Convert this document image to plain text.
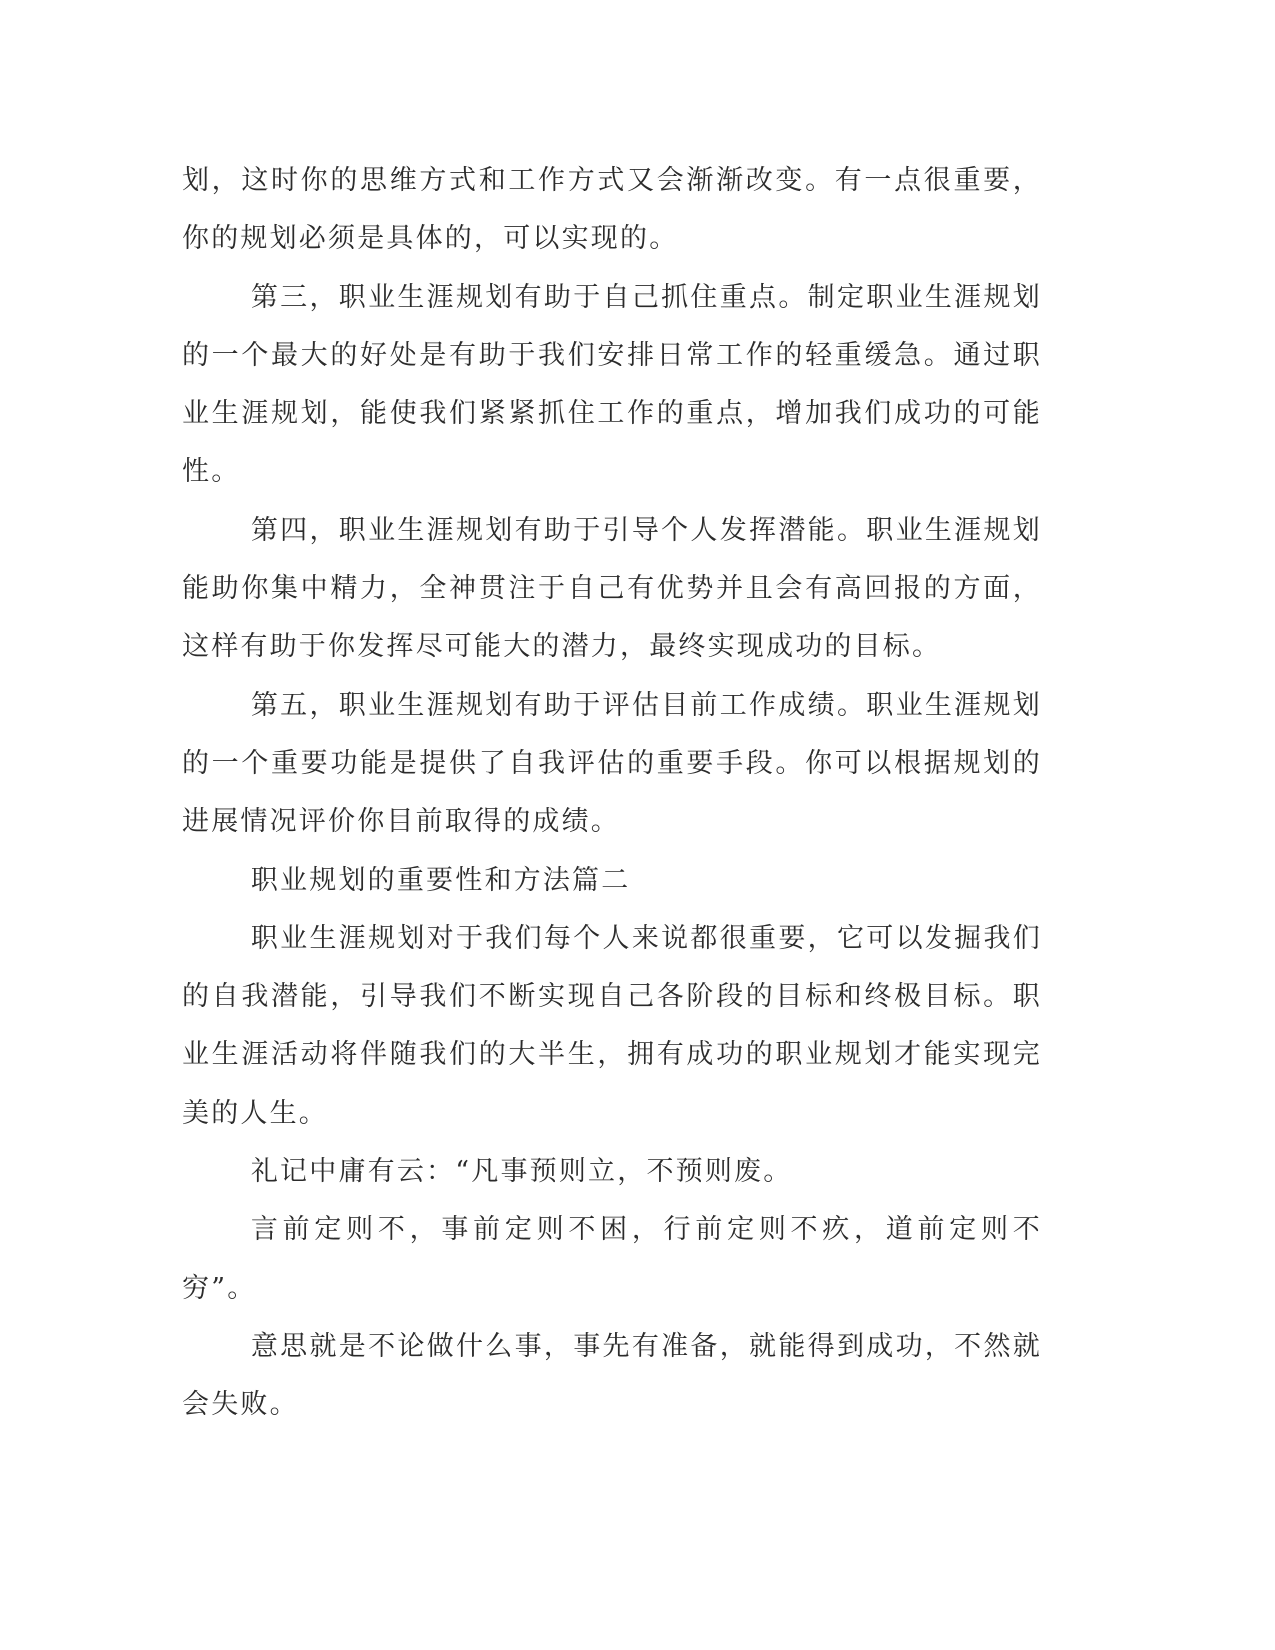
划，这时你的思维方式和工作方式又会渐渐改变。有一点很重要，你的规划必须是具体的，可以实现的。

第三，职业生涯规划有助于自己抓住重点。制定职业生涯规划的一个最大的好处是有助于我们安排日常工作的轻重缓急。通过职业生涯规划，能使我们紧紧抓住工作的重点，增加我们成功的可能性。

第四，职业生涯规划有助于引导个人发挥潜能。职业生涯规划能助你集中精力，全神贯注于自己有优势并且会有高回报的方面，这样有助于你发挥尽可能大的潜力，最终实现成功的目标。

第五，职业生涯规划有助于评估目前工作成绩。职业生涯规划的一个重要功能是提供了自我评估的重要手段。你可以根据规划的进展情况评价你目前取得的成绩。

职业规划的重要性和方法篇二

职业生涯规划对于我们每个人来说都很重要，它可以发掘我们的自我潜能，引导我们不断实现自己各阶段的目标和终极目标。职业生涯活动将伴随我们的大半生，拥有成功的职业规划才能实现完美的人生。

礼记中庸有云：“凡事预则立，不预则废。

言前定则不，事前定则不困，行前定则不疚，道前定则不穷”。

意思就是不论做什么事，事先有准备，就能得到成功，不然就会失败。
